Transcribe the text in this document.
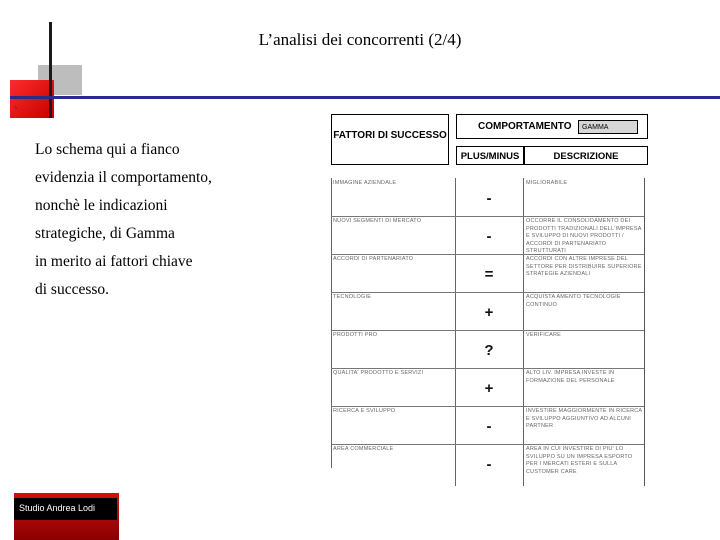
`
L’analisi dei concorrenti (2/4)
Lo schema qui a fianco
evidenzia il comportamento,
nonchè le indicazioni
strategiche, di Gamma
in merito ai fattori chiave
di successo.
FATTORI DI SUCCESSO
COMPORTAMENTO	GAMMA
PLUS/MINUS	DESCRIZIONE
IMMAGINE AZIENDALE
-
MIGLIORABILE
NUOVI SEGMENTI DI MERCATO
-
OCCORRE IL CONSOLIDAMENTO DEI PRODOTTI TRADIZIONALI DELL'IMPRESA E SVILUPPO DI NUOVI PRODOTTI / ACCORDI DI PARTENARIATO STRUTTURATI
ACCORDI DI PARTENARIATO
=
ACCORDI CON ALTRE IMPRESE DEL SETTORE PER DISTRIBUIRE SUPERIORE STRATEGIE AZIENDALI
TECNOLOGIE
+
ACQUISTA AMENTO TECNOLOGIE CONTINUO
PRODOTTI PRO
?
VERIFICARE
QUALITA' PRODOTTO E SERVIZI
+
ALTO LIV. IMPRESA INVESTE IN FORMAZIONE DEL PERSONALE
RICERCA E SVILUPPO
-
INVESTIRE MAGGIORMENTE IN RICERCA E SVILUPPO AGGIUNTIVO AD ALCUNI PARTNER
AREA COMMERCIALE
-
AREA IN CUI INVESTIRE DI PIU' LO SVILUPPO SU UN IMPRESA ESPORTO PER I MERCATI ESTERI E SULLA CUSTOMER CARE
Studio Andrea Lodi
